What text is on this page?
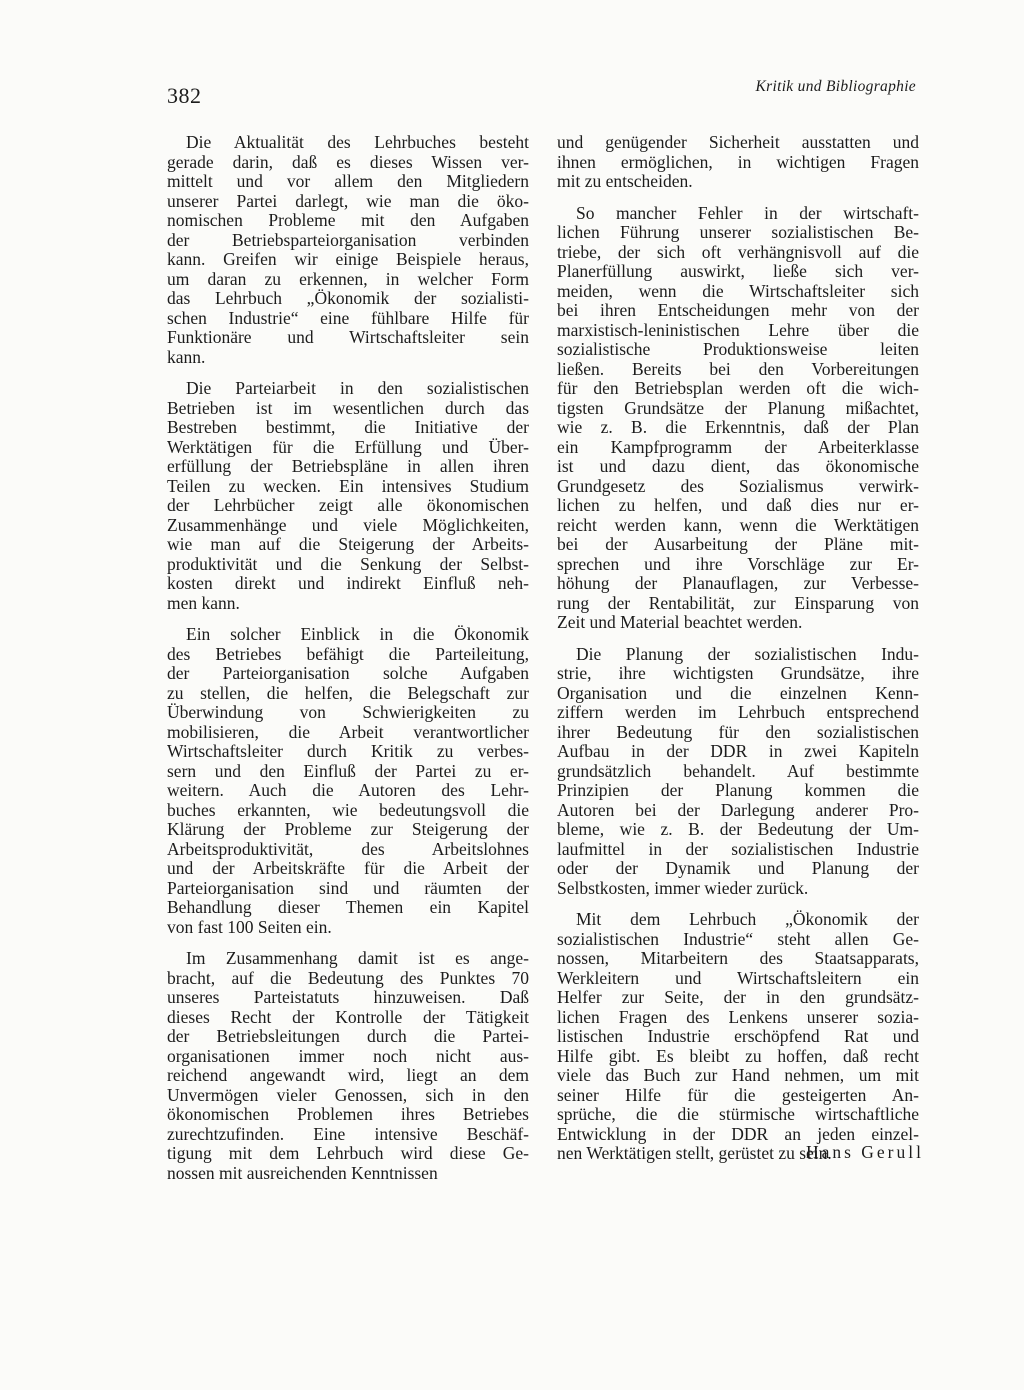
382	Kritik und Bibliographie
Die Aktualität des Lehrbuches besteht
gerade darin, daß es dieses Wissen ver-
mittelt und vor allem den Mitgliedern
unserer Partei darlegt, wie man die öko-
nomischen Probleme mit den Aufgaben
der Betriebsparteiorganisation verbinden
kann. Greifen wir einige Beispiele heraus,
um daran zu erkennen, in welcher Form
das Lehrbuch „Ökonomik der sozialisti-
schen Industrie“ eine fühlbare Hilfe für
Funktionäre und Wirtschaftsleiter sein
kann.
Die Parteiarbeit in den sozialistischen
Betrieben ist im wesentlichen durch das
Bestreben bestimmt, die Initiative der
Werktätigen für die Erfüllung und Über-
erfüllung der Betriebspläne in allen ihren
Teilen zu wecken. Ein intensives Studium
der Lehrbücher zeigt alle ökonomischen
Zusammenhänge und viele Möglichkeiten,
wie man auf die Steigerung der Arbeits-
produktivität und die Senkung der Selbst-
kosten direkt und indirekt Einfluß neh-
men kann.
Ein solcher Einblick in die Ökonomik
des Betriebes befähigt die Parteileitung,
der Parteiorganisation solche Aufgaben
zu stellen, die helfen, die Belegschaft zur
Überwindung von Schwierigkeiten zu
mobilisieren, die Arbeit verantwortlicher
Wirtschaftsleiter durch Kritik zu verbes-
sern und den Einfluß der Partei zu er-
weitern. Auch die Autoren des Lehr-
buches erkannten, wie bedeutungsvoll die
Klärung der Probleme zur Steigerung der
Arbeitsproduktivität, des Arbeitslohnes
und der Arbeitskräfte für die Arbeit der
Parteiorganisation sind und räumten der
Behandlung dieser Themen ein Kapitel
von fast 100 Seiten ein.
Im Zusammenhang damit ist es ange-
bracht, auf die Bedeutung des Punktes 70
unseres Parteistatuts hinzuweisen. Daß
dieses Recht der Kontrolle der Tätigkeit
der Betriebsleitungen durch die Partei-
organisationen immer noch nicht aus-
reichend angewandt wird, liegt an dem
Unvermögen vieler Genossen, sich in den
ökonomischen Problemen ihres Betriebes
zurechtzufinden. Eine intensive Beschäf-
tigung mit dem Lehrbuch wird diese Ge-
nossen mit ausreichenden Kenntnissen
und genügender Sicherheit ausstatten und
ihnen ermöglichen, in wichtigen Fragen
mit zu entscheiden.
So mancher Fehler in der wirtschaft-
lichen Führung unserer sozialistischen Be-
triebe, der sich oft verhängnisvoll auf die
Planerfüllung auswirkt, ließe sich ver-
meiden, wenn die Wirtschaftsleiter sich
bei ihren Entscheidungen mehr von der
marxistisch-leninistischen Lehre über die
sozialistische Produktionsweise leiten
ließen. Bereits bei den Vorbereitungen
für den Betriebsplan werden oft die wich-
tigsten Grundsätze der Planung mißachtet,
wie z. B. die Erkenntnis, daß der Plan
ein Kampfprogramm der Arbeiterklasse
ist und dazu dient, das ökonomische
Grundgesetz des Sozialismus verwirk-
lichen zu helfen, und daß dies nur er-
reicht werden kann, wenn die Werktätigen
bei der Ausarbeitung der Pläne mit-
sprechen und ihre Vorschläge zur Er-
höhung der Planauflagen, zur Verbesse-
rung der Rentabilität, zur Einsparung von
Zeit und Material beachtet werden.
Die Planung der sozialistischen Indu-
strie, ihre wichtigsten Grundsätze, ihre
Organisation und die einzelnen Kenn-
ziffern werden im Lehrbuch entsprechend
ihrer Bedeutung für den sozialistischen
Aufbau in der DDR in zwei Kapiteln
grundsätzlich behandelt. Auf bestimmte
Prinzipien der Planung kommen die
Autoren bei der Darlegung anderer Pro-
bleme, wie z. B. der Bedeutung der Um-
laufmittel in der sozialistischen Industrie
oder der Dynamik und Planung der
Selbstkosten, immer wieder zurück.
Mit dem Lehrbuch „Ökonomik der
sozialistischen Industrie“ steht allen Ge-
nossen, Mitarbeitern des Staatsapparats,
Werkleitern und Wirtschaftsleitern ein
Helfer zur Seite, der in den grundsätz-
lichen Fragen des Lenkens unserer sozia-
listischen Industrie erschöpfend Rat und
Hilfe gibt. Es bleibt zu hoffen, daß recht
viele das Buch zur Hand nehmen, um mit
seiner Hilfe für die gesteigerten An-
sprüche, die die stürmische wirtschaftliche
Entwicklung in der DDR an jeden einzel-
nen Werktätigen stellt, gerüstet zu sein.
Hans Gerull
